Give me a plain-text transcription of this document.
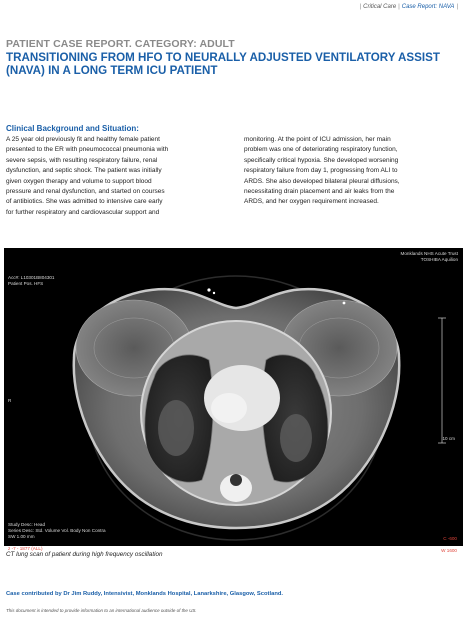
| Critical Care | Case Report: NAVA |
PATIENT CASE REPORT. CATEGORY: ADULT
TRANSITIONING FROM HFO TO NEURALLY ADJUSTED VENTILATORY ASSIST (NAVA) IN A LONG TERM ICU PATIENT
Clinical Background and Situation:
A 25 year old previously fit and healthy female patient
presented to the ER with pneumococcal pneumonia with
severe sepsis, with resulting respiratory failure, renal
dysfunction, and septic shock. The patient was initially
given oxygen therapy and volume to support blood
pressure and renal dysfunction, and started on courses
of antibiotics. She was admitted to intensive care early
for further respiratory and cardiovascular support and
monitoring. At the point of ICU admission, her main
problem was one of deteriorating respiratory function,
specifically critical hypoxia. She developed worsening
respiratory failure from day 1, progressing from ALI to
ARDS. She also developed bilateral pleural diffusions,
necessitating drain placement and air leaks from the
ARDS, and her oxygen requirement increased.
Monklands NHS Acute Trust
TOSHIBA Aquilion
Acc#: L10301B804301
Patient Pos. HFS
R
10 cm

Study Desc: Head
Series Desc: Std. Volume Vol. Body Non Contra
SW 1.00 mm

z -7 - 1877 (ALL)

C -600

W 1600

CT lung scan of patient during high frequency oscillation
Case contributed by Dr Jim Ruddy, Intensivist, Monklands Hospital, Lanarkshire, Glasgow, Scotland.
This document is intended to provide information to an international audience outside of the US.
